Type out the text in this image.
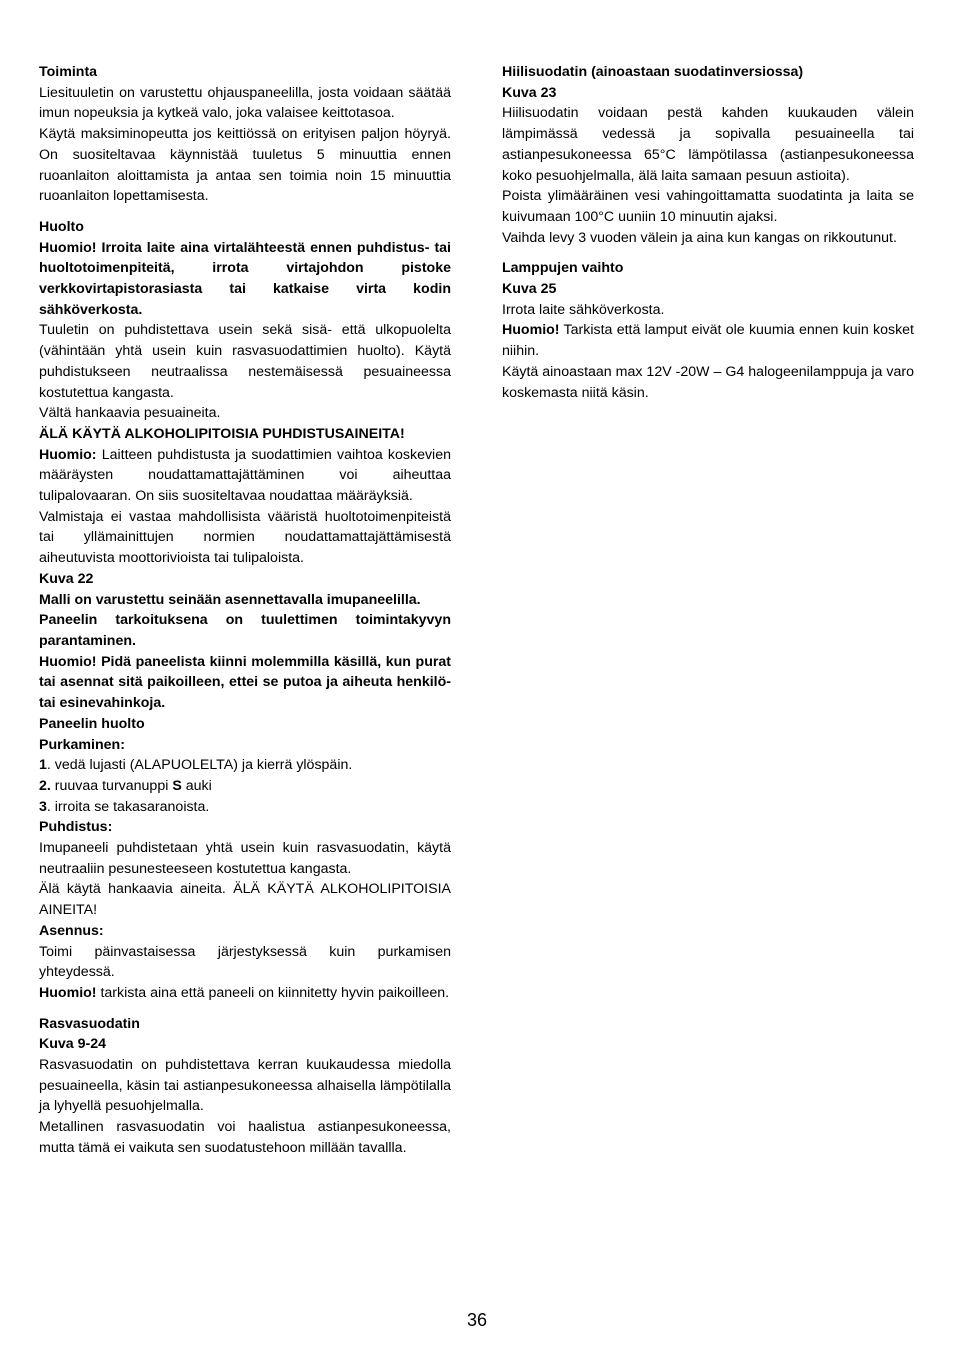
Toiminta

Liesituuletin on varustettu ohjauspaneelilla, josta voidaan säätää imun nopeuksia ja kytkeä valo, joka valaisee keittotasoa.

Käytä maksiminopeutta jos keittiössä on erityisen paljon höyryä. On suositeltavaa käynnistää tuuletus 5 minuuttia ennen ruoanlaiton aloittamista ja antaa sen toimia noin 15 minuuttia ruoanlaiton lopettamisesta.

Huolto

Huomio! Irroita laite aina virtalähteestä ennen puhdistus- tai huoltotoimenpiteitä, irrota virtajohdon pistoke verkkovirtapistorasiasta tai katkaise virta kodin sähköverkosta.

Tuuletin on puhdistettava usein sekä sisä- että ulkopuolelta (vähintään yhtä usein kuin rasvasuodattimien huolto). Käytä puhdistukseen neutraalissa nestemäisessä pesuaineessa kostutettua kangasta.

Vältä hankaavia pesuaineita.

ÄLÄ KÄYTÄ ALKOHOLIPITOISIA PUHDISTUSAINEITA!

Huomio: Laitteen puhdistusta ja suodattimien vaihtoa koskevien määräysten noudattamattajättäminen voi aiheuttaa tulipalovaaran. On siis suositeltavaa noudattaa määräyksiä.

Valmistaja ei vastaa mahdollisista vääristä huoltotoimenpiteistä tai yllämainittujen normien noudattamattajättämisestä aiheutuvista moottorivioista tai tulipaloista.

Kuva 22

Malli on varustettu seinään asennettavalla imupaneelilla.

Paneelin tarkoituksena on tuulettimen toimintakyvyn parantaminen.

Huomio! Pidä paneelista kiinni molemmilla käsillä, kun purat tai asennat sitä paikoilleen, ettei se putoa ja aiheuta henkilö- tai esinevahinkoja.

Paneelin huolto

Purkaminen:

1. vedä lujasti (ALAPUOLELTA) ja kierrä ylöspäin.

2. ruuvaa turvanuppi S auki

3. irroita se takasaranoista.

Puhdistus:

Imupaneeli puhdistetaan yhtä usein kuin rasvasuodatin, käytä neutraaliin pesunesteeseen kostutettua kangasta.

Älä käytä hankaavia aineita. ÄLÄ KÄYTÄ ALKOHOLIPITOISIA AINEITA!

Asennus:

Toimi päinvastaisessa järjestyksessä kuin purkamisen yhteydessä.

Huomio! tarkista aina että paneeli on kiinnitetty hyvin paikoilleen.

Rasvasuodatin

Kuva 9-24

Rasvasuodatin on puhdistettava kerran kuukaudessa miedolla pesuaineella, käsin tai astianpesukoneessa alhaisella lämpötilalla ja lyhyellä pesuohjelmalla.

Metallinen rasvasuodatin voi haalistua astianpesukoneessa, mutta tämä ei vaikuta sen suodatustehoon millään tavallla.

Hiilisuodatin (ainoastaan suodatinversiossa)

Kuva 23

Hiilisuodatin voidaan pestä kahden kuukauden välein lämpimässä vedessä ja sopivalla pesuaineella tai astianpesukoneessa 65°C lämpötilassa (astianpesukoneessa koko pesuohjelmalla, älä laita samaan pesuun astioita).

Poista ylimääräinen vesi vahingoittamatta suodatinta ja laita se kuivumaan 100°C uuniin 10 minuutin ajaksi.

Vaihda levy 3 vuoden välein ja aina kun kangas on rikkoutunut.

Lamppujen vaihto

Kuva 25

Irrota laite sähköverkosta.

Huomio! Tarkista että lamput eivät ole kuumia ennen kuin kosket niihin.

Käytä ainoastaan max 12V -20W – G4 halogeenilamppuja ja varo koskemasta niitä käsin.

36
